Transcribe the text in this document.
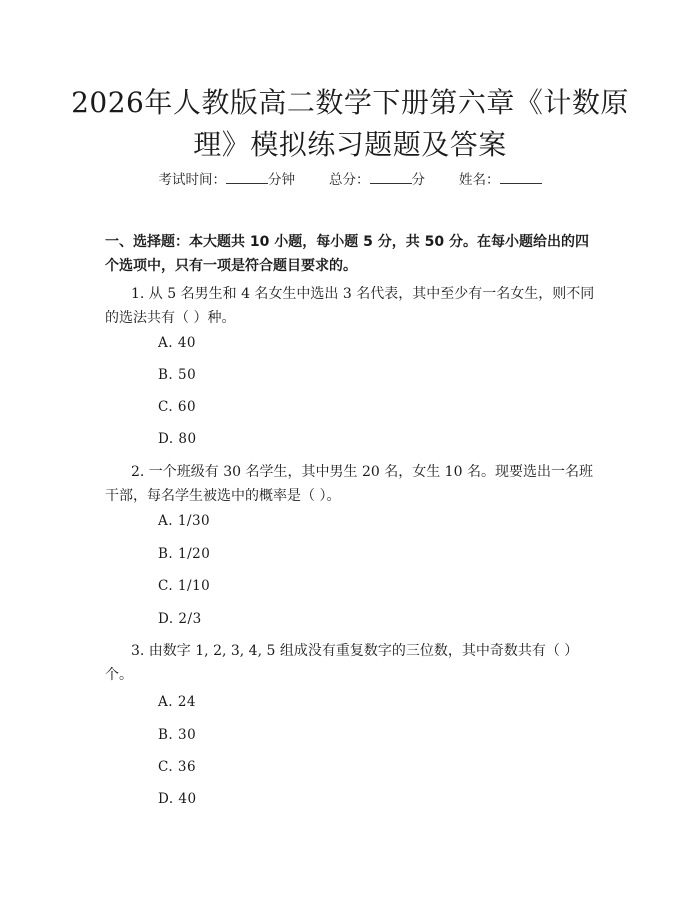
2026年人教版高二数学下册第六章《计数原理》模拟练习题题及答案
考试时间：	分钟	总分：	分	姓名：
一、选择题：本大题共 10 小题，每小题 5 分，共 50 分。在每小题给出的四个选项中，只有一项是符合题目要求的。
1. 从 5 名男生和 4 名女生中选出 3 名代表，其中至少有一名女生，则不同的选法共有（ ）种。
A. 40
B. 50
C. 60
D. 80
2. 一个班级有 30 名学生，其中男生 20 名，女生 10 名。现要选出一名班干部，每名学生被选中的概率是（ ）。
A. 1/30
B. 1/20
C. 1/10
D. 2/3
3. 由数字 1, 2, 3, 4, 5 组成没有重复数字的三位数，其中奇数共有（ ）个。
A. 24
B. 30
C. 36
D. 40
